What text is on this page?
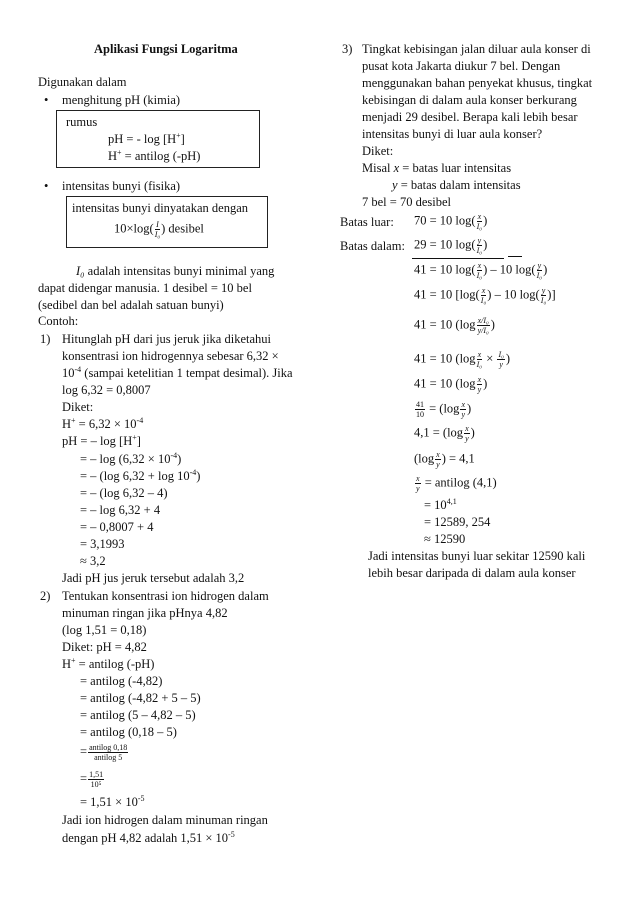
Aplikasi Fungsi Logaritma
Digunakan dalam
• menghitung pH (kimia)
rumus
pH = - log [H+]
H+ = antilog (-pH)
• intensitas bunyi (fisika)
intensitas bunyi dinyatakan dengan
$10\times\log( \frac{I}{\text{I₀}}$ ) desibel
I₀ adalah intensitas bunyi minimal yang
dapat didengar manusia. 1 desibel = 10 bel
(sedibel dan bel adalah satuan bunyi)
Contoh:
1) Hitunglah pH dari jus jeruk jika diketahui
konsentrasi ion hidrogennya sebesar 6,32 ×
$10^{-4}$ (sampai ketelitian 1 tempat desimal). Jika
log 6,32 = 0,8007
Diket:
$H^+ = 6,32 \times 10^{-4}$
pH = – log [H+]
= – $\log (6,32 \times 10^{-4})$
= – (log $6,32 + \log 10^{-4}$)
= – (log 6,32 – 4)
= – log 6,32 + 4
= – 0,8007 + 4
= 3,1993
≈ 3,2
Jadi pH jus jeruk tersebut adalah 3,2
2) Tentukan konsentrasi ion hidrogen dalam
minuman ringan jika pHnya 4,82
(log 1,51 = 0,18)
Diket: pH = 4,82
H+ = antilog (-pH)
= antilog (-4,82)
= antilog (-4,82 + 5 – 5)
= antilog (5 – 4,82 – 5)
= antilog (0,18 – 5)
= $\frac{\text{antilog 0,18}}{\text{antilog 5}}$
= $\frac{1,51}{\text{10⁵}}$
= $1,51 \times 10^{-5}$
Jadi ion hidrogen dalam minuman ringan
dengan pH 4,82 adalah $1,51 \times 10^{-5}$
3) Tingkat kebisingan jalan diluar aula konser di
pusat kota Jakarta diukur 7 bel. Dengan
menggunakan bahan penyekat khusus, tingkat
kebisingan di dalam aula konser berkurang
menjadi 29 desibel. Berapa kali lebih besar
intensitas bunyi di luar aula konser?
Diket:
Misal x = batas luar intensitas
y = batas dalam intensitas
7 bel = 70 desibel
Batas luar: 70 = 10 $\log( \frac{x}{\text{I₀}}$ )
Batas dalam: 29 = 10 $\log( \frac{y}{\text{I₀}}$ )
41 = 10 $\log( \frac{x}{\text{I₀}}$ ) – 10 $\log( \frac{y}{\text{I₀}}$ )
41 = 10 [$\log( \frac{x}{\text{I₀}}$ ) – 10 $\log( \frac{y}{\text{I₀}}$ )]
41 = 10 ($\log \frac{\text{x/I₀}}{\text{y/I₀}}$ )
41 = 10 ($\log \frac{x}{\text{I₀}} \times \frac{\text{I₀}}{y}$ )
41 = 10 ($\log \frac{x}{y}$ )
$\frac{41}{10} = (\log \frac{x}{y}$ )
$4,1 = (\log \frac{x}{y}$ )
($\log \frac{x}{y}$ ) = 4,1
$\frac{x}{y}$ = antilog (4,1)
= $10^{4,1}$
= 12589, 254
≈ 12590
Jadi intensitas bunyi luar sekitar 12590 kali
lebih besar daripada di dalam aula konser
